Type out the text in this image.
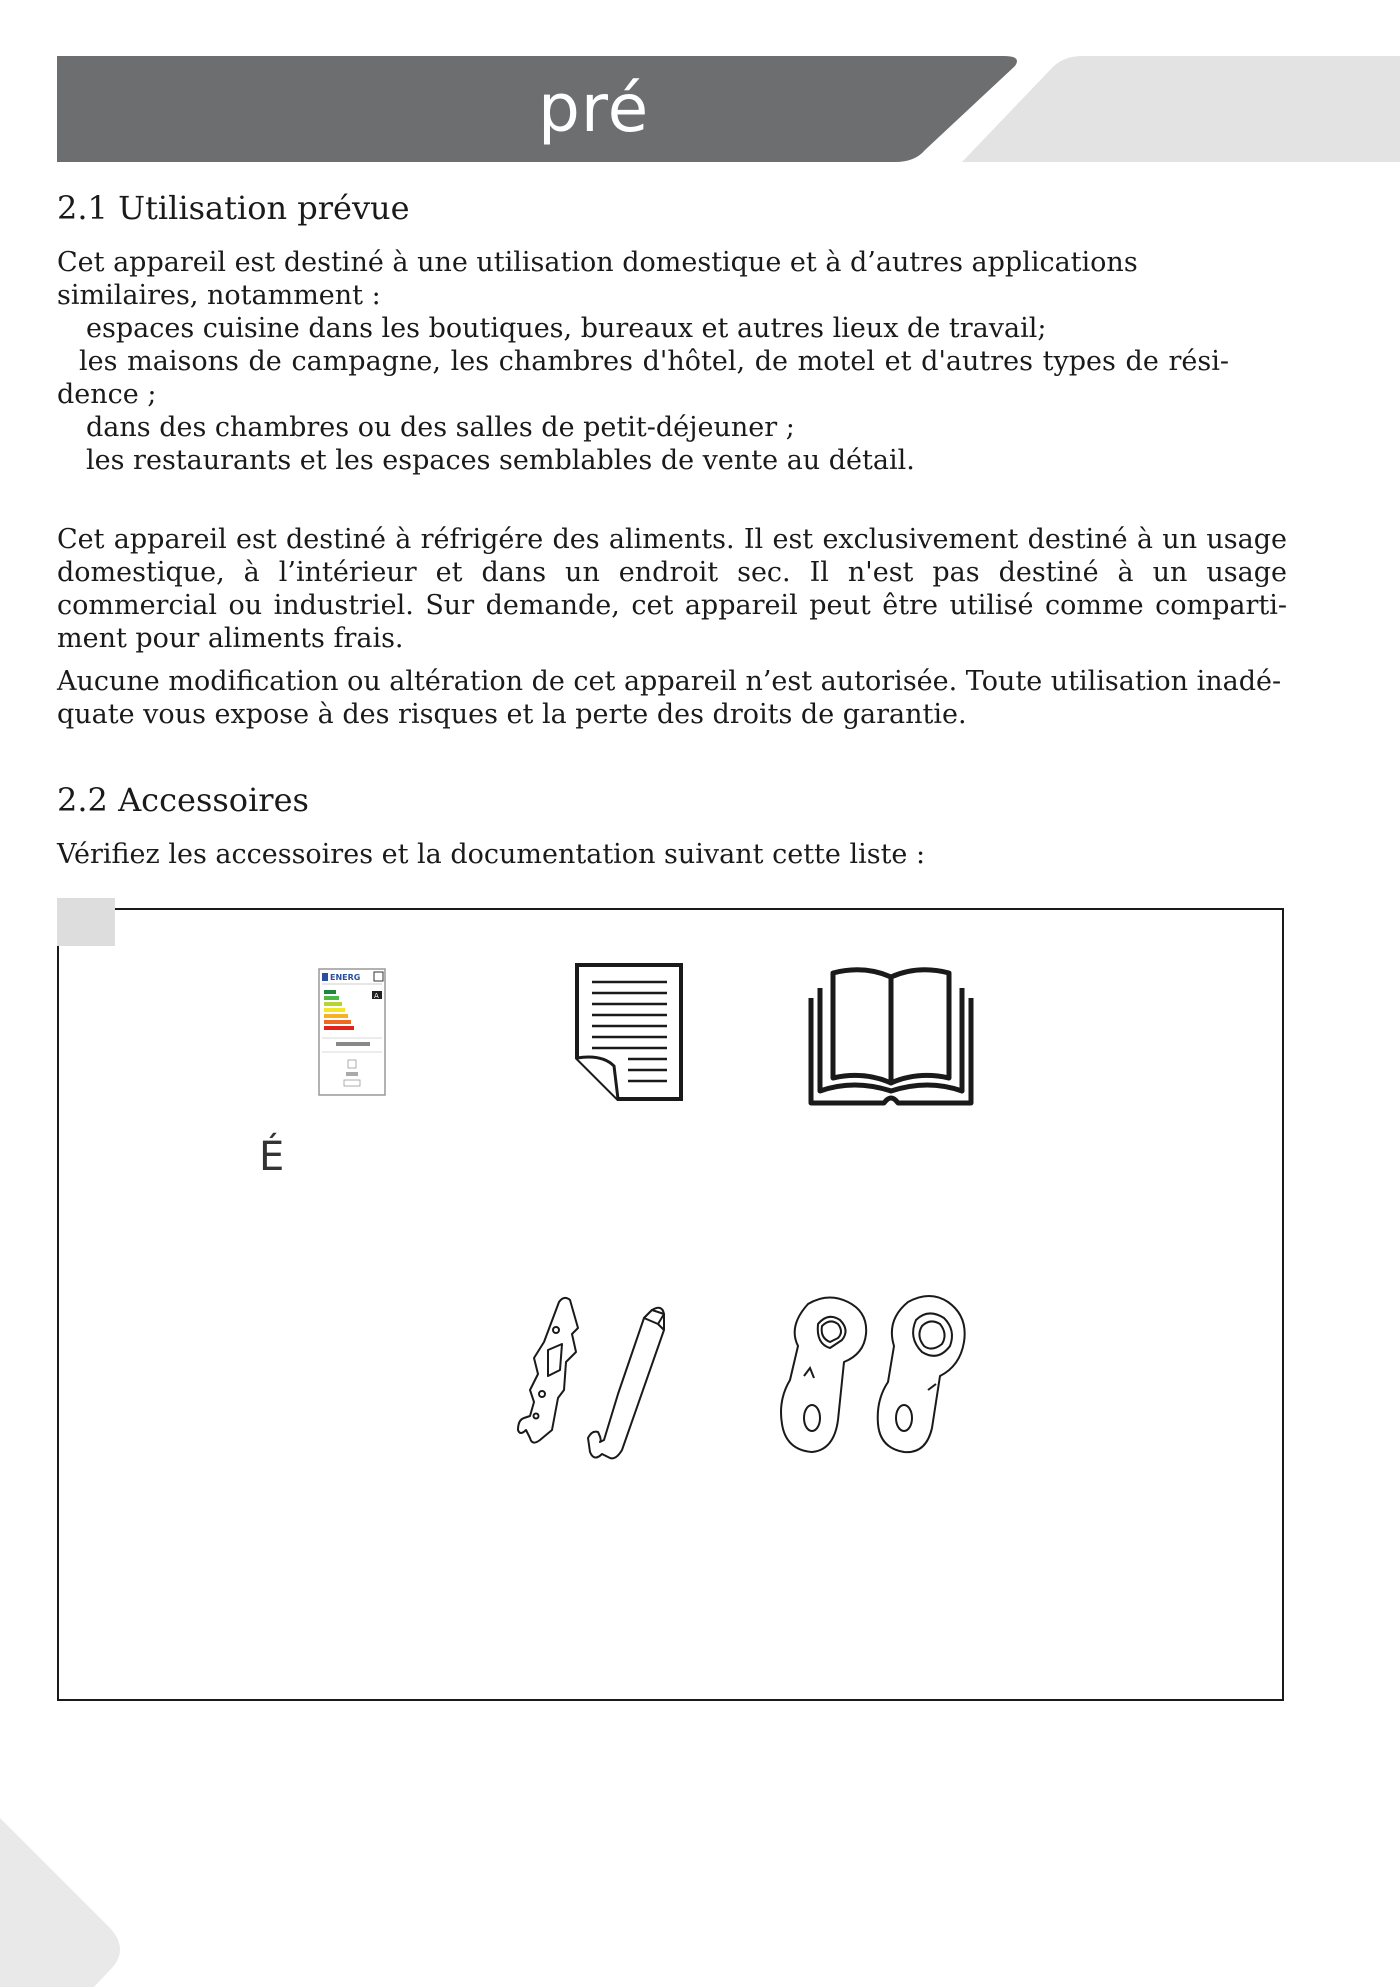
pré
2.1 Utilisation prévue

Cet appareil est destiné à une utilisation domestique et à d’autres applications similaires, notamment :

espaces cuisine dans les boutiques, bureaux et autres lieux de travail;

les maisons de campagne, les chambres d'hôtel, de motel et d'autres types de rési-dence ;

dans des chambres ou des salles de petit-déjeuner ;

les restaurants et les espaces semblables de vente au détail.

Cet appareil est destiné à réfrigére des aliments. Il est exclusivement destiné à un usage domestique, à l’intérieur et dans un endroit sec. Il n'est pas destiné à un usage commercial ou industriel. Sur demande, cet appareil peut être utilisé comme comparti-ment pour aliments frais.

Aucune modification ou altération de cet appareil n’est autorisée. Toute utilisation inadé-quate vous expose à des risques et la perte des droits de garantie.

2.2 Accessoires

Vérifiez les accessoires et la documentation suivant cette liste :

ENERG
A
É
